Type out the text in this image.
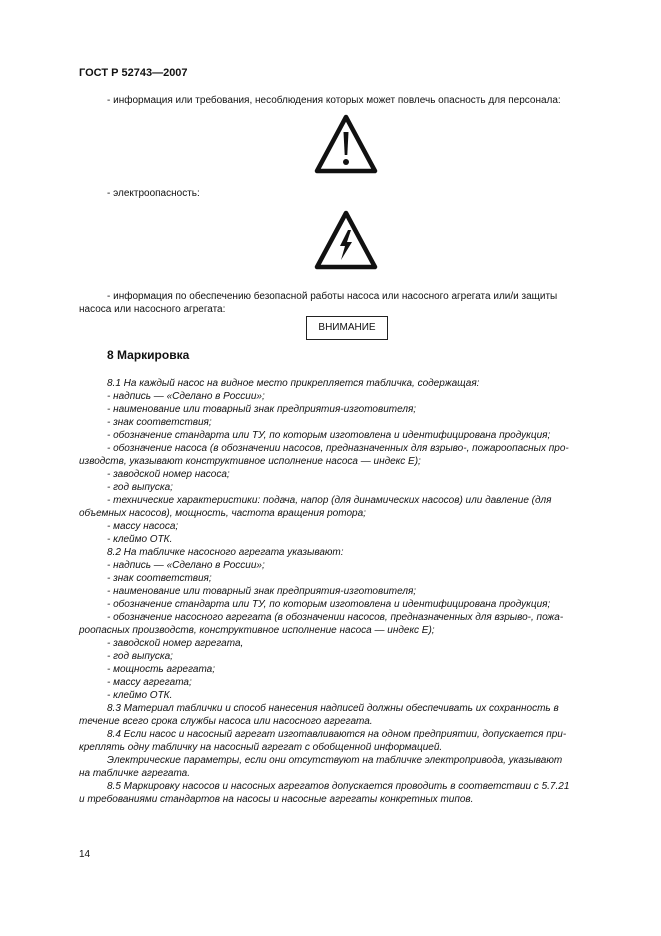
ГОСТ Р 52743—2007
- информация или требования, несоблюдения которых может повлечь опасность для персонала:
- электроопасность:
- информация по обеспечению безопасной работы насоса или насосного агрегата или/и защиты
насоса или насосного агрегата:
ВНИМАНИЕ
8 Маркировка
8.1 На каждый насос на видное место прикрепляется табличка, содержащая:
- надпись — «Сделано в России»;
- наименование или товарный знак предприятия-изготовителя;
- знак соответствия;
- обозначение стандарта или ТУ, по которым изготовлена и идентифицирована продукция;
- обозначение насоса (в обозначении насосов, предназначенных для взрыво-, пожароопасных про-
изводств, указывают конструктивное исполнение насоса — индекс Е);
- заводской номер насоса;
- год выпуска;
- технические характеристики: подача, напор (для динамических насосов) или давление (для
объемных насосов), мощность, частота вращения ротора;
- массу насоса;
- клеймо ОТК.
8.2 На табличке насосного агрегата указывают:
- надпись — «Сделано в России»;
- знак соответствия;
- наименование или товарный знак предприятия-изготовителя;
- обозначение стандарта или ТУ, по которым изготовлена и идентифицирована продукция;
- обозначение насосного агрегата (в обозначении насосов, предназначенных для взрыво-, пожа-
роопасных производств, конструктивное исполнение насоса — индекс Е);
- заводской номер агрегата,
- год выпуска;
- мощность агрегата;
- массу агрегата;
- клеймо ОТК.
8.3 Материал таблички и способ нанесения надписей должны обеспечивать их сохранность в
течение всего срока службы насоса или насосного агрегата.
8.4 Если насос и насосный агрегат изготавливаются на одном предприятии, допускается при-
креплять одну табличку на насосный агрегат с обобщенной информацией.
Электрические параметры, если они отсутствуют на табличке электропривода, указывают
на табличке агрегата.
8.5 Маркировку насосов и насосных агрегатов допускается проводить в соответствии с 5.7.21
и требованиями стандартов на насосы и насосные агрегаты конкретных типов.
14
